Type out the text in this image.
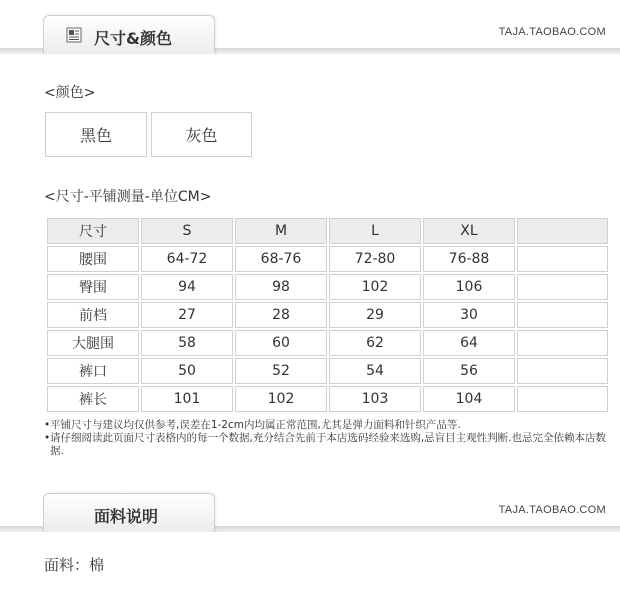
尺寸&颜色	TAJA.TAOBAO.COM
<颜色>
黑色	灰色
<尺寸-平铺测量-单位CM>
尺寸	S	M	L	XL	
腰围	64-72	68-76	72-80	76-88	
臀围	94	98	102	106	
前档	27	28	29	30	
大腿围	58	60	62	64	
裤口	50	52	54	56	
裤长	101	102	103	104	
• 平铺尺寸与建议均仅供参考,误差在1-2cm内均属正常范围,尤其是弹力面料和针织产品等.
• 请仔细阅读此页面尺寸表格内的每一个数据,充分结合先前于本店选码经验来选购,忌盲目主观性判断.也忌完全依赖本店数据.
面料说明	TAJA.TAOBAO.COM
面料：棉
